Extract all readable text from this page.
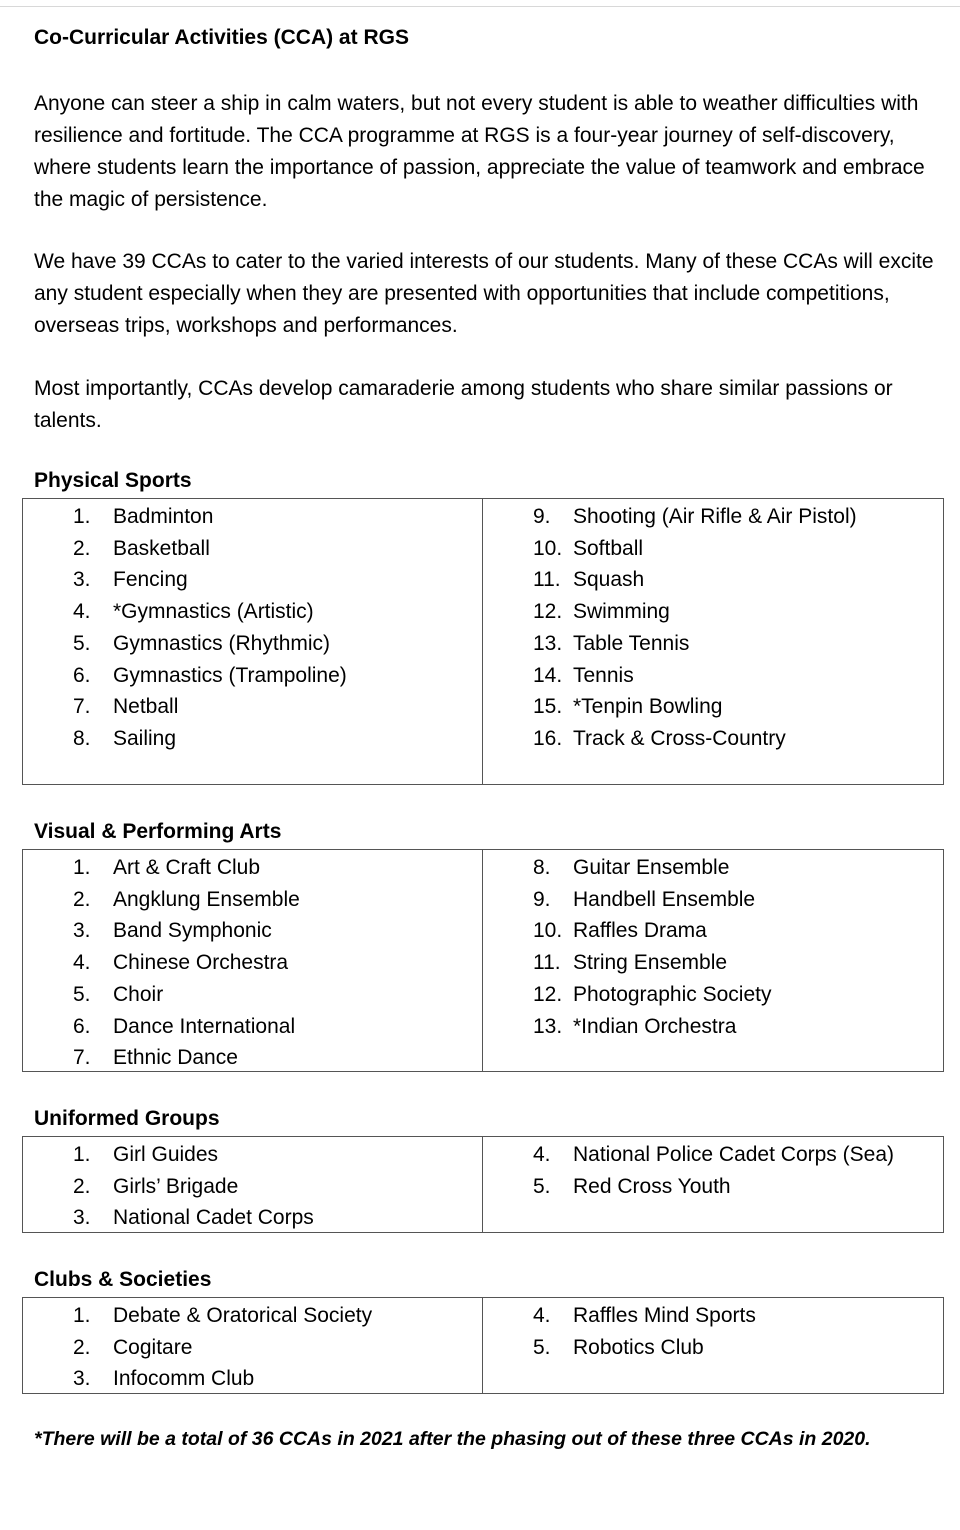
Co-Curricular Activities (CCA) at RGS

Anyone can steer a ship in calm waters, but not every student is able to weather difficulties with resilience and fortitude. The CCA programme at RGS is a four-year journey of self-discovery, where students learn the importance of passion, appreciate the value of teamwork and embrace the magic of persistence.

We have 39 CCAs to cater to the varied interests of our students. Many of these CCAs will excite any student especially when they are presented with opportunities that include competitions, overseas trips, workshops and performances.

Most importantly, CCAs develop camaraderie among students who share similar passions or talents.

Physical Sports
1.	Badminton
2.	Basketball
3.	Fencing
4.	*Gymnastics (Artistic)
5.	Gymnastics (Rhythmic)
6.	Gymnastics (Trampoline)
7.	Netball
8.	Sailing
9.	Shooting (Air Rifle & Air Pistol)
10. Softball
11. Squash
12. Swimming
13. Table Tennis
14. Tennis
15. *Tenpin Bowling
16. Track & Cross-Country
Visual & Performing Arts
1.	Art & Craft Club
2.	Angklung Ensemble
3.	Band Symphonic
4.	Chinese Orchestra
5.	Choir
6.	Dance International
7.	Ethnic Dance
8.	Guitar Ensemble
9.	Handbell Ensemble
10. Raffles Drama
11. String Ensemble
12. Photographic Society
13. *Indian Orchestra
Uniformed Groups
1.	Girl Guides
2.	Girls’ Brigade
3.	National Cadet Corps
4.	National Police Cadet Corps (Sea)
5.	Red Cross Youth
Clubs & Societies
1.	Debate & Oratorical Society
2.	Cogitare
3.	Infocomm Club
4.	Raffles Mind Sports
5.	Robotics Club
*There will be a total of 36 CCAs in 2021 after the phasing out of these three CCAs in 2020.
